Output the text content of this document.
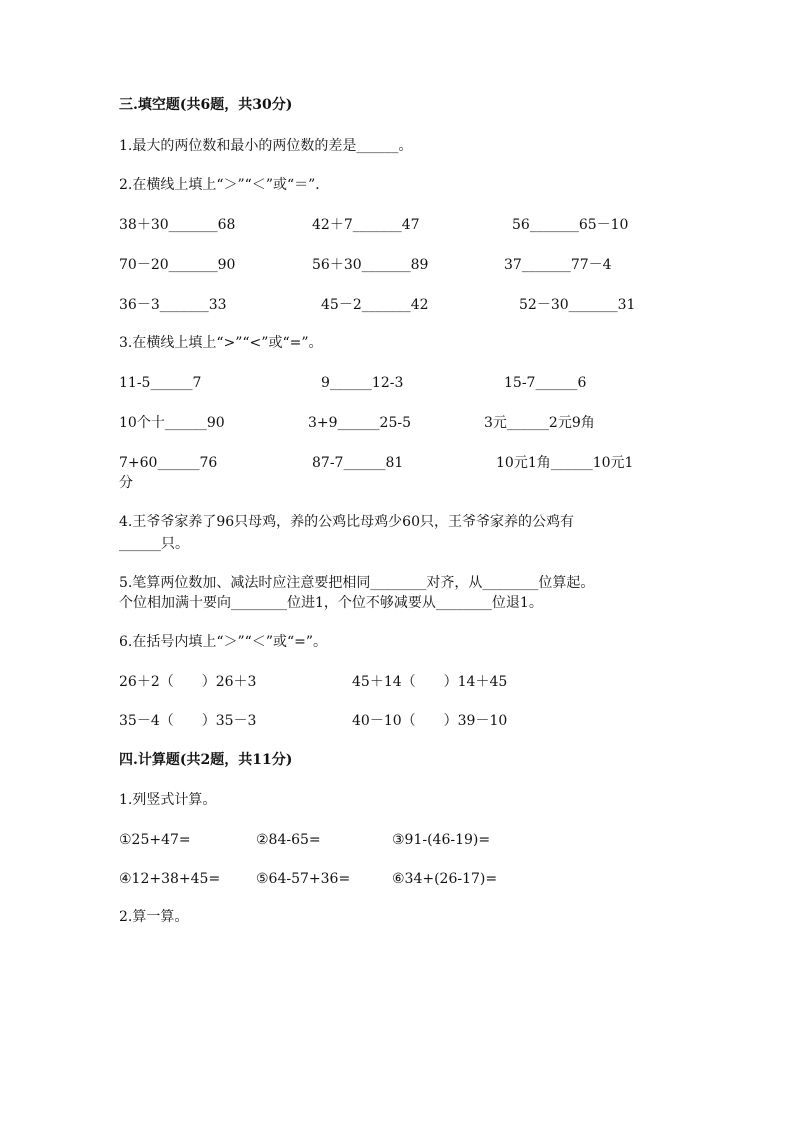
三.填空题(共6题，共30分)
1.最大的两位数和最小的两位数的差是______。
2.在横线上填上“＞”“＜”或“＝”．
38＋30_______68	42＋7_______47	56_______65－10
70－20_______90	56＋30_______89	37_______77－4
36－3_______33	45－2_______42	52－30_______31
3.在横线上填上“>”“<”或“=”。
11-5______7	9______12-3	15-7______6
10个十______90	3+9______25-5	3元______2元9角
7+60______76	87-7______81	10元1角______10元1
分
4.王爷爷家养了96只母鸡，养的公鸡比母鸡少60只，王爷爷家养的公鸡有
______只。
5.笔算两位数加、减法时应注意要把相同________对齐，从________位算起。
个位相加满十要向________位进1，个位不够减要从________位退1。
6.在括号内填上“＞”“＜”或“=”。
26＋2（　　）26＋3	45＋14（　　）14＋45
35－4（　　）35－3	40－10（　　）39－10
四.计算题(共2题，共11分)
1.列竖式计算。
①25+47=	②84-65=	③91-(46-19)=
④12+38+45=	⑤64-57+36=	⑥34+(26-17)=
2.算一算。
